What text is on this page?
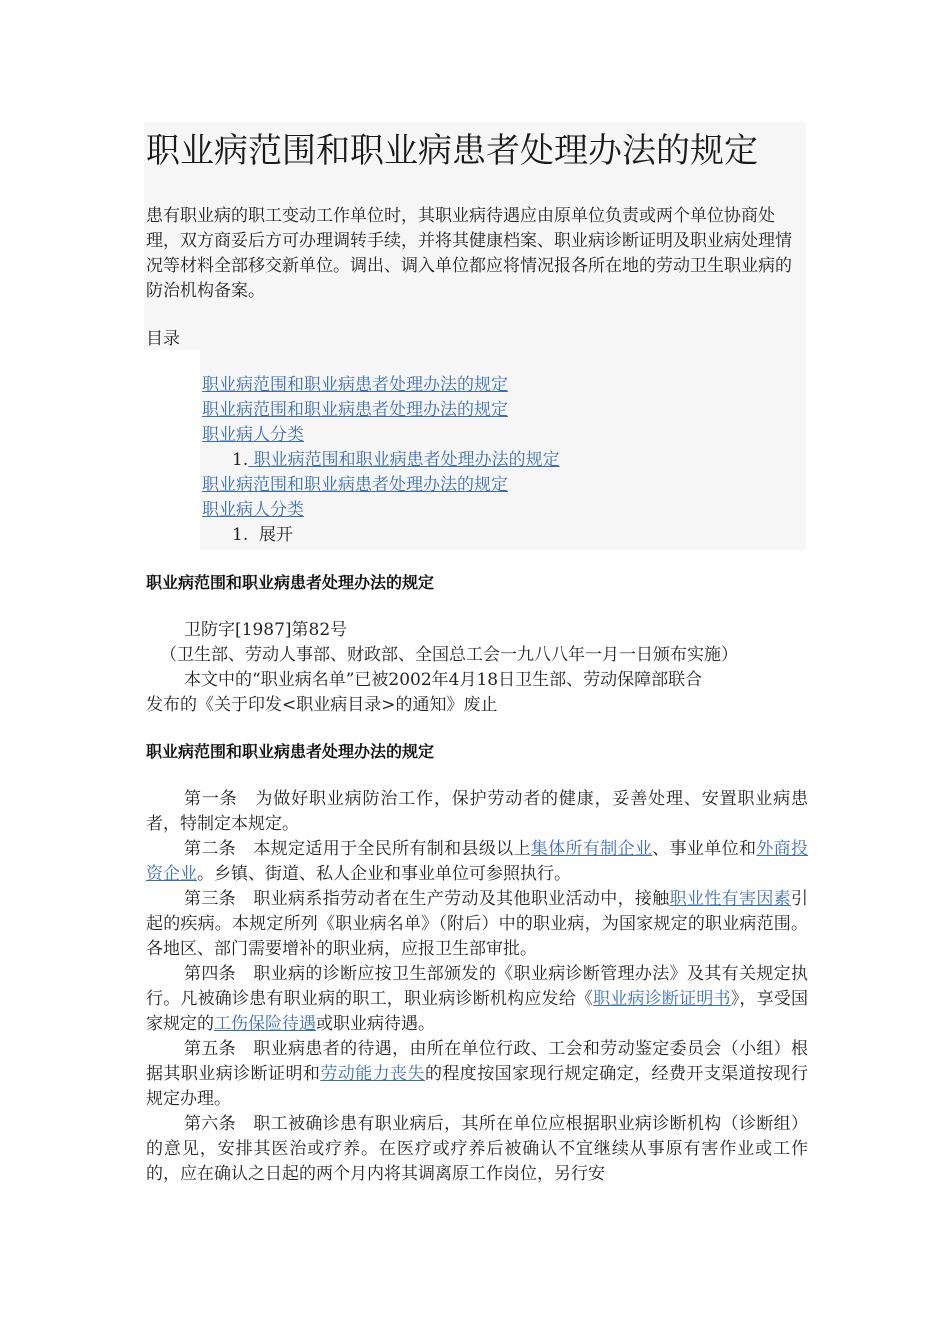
职业病范围和职业病患者处理办法的规定

患有职业病的职工变动工作单位时，其职业病待遇应由原单位负责或两个单位协商处理，双方商妥后方可办理调转手续，并将其健康档案、职业病诊断证明及职业病处理情况等材料全部移交新单位。调出、调入单位都应将情况报各所在地的劳动卫生职业病的防治机构备案。

目录
职业病范围和职业病患者处理办法的规定
职业病范围和职业病患者处理办法的规定
职业病人分类
1. 职业病范围和职业病患者处理办法的规定
职业病范围和职业病患者处理办法的规定
职业病人分类
1. 展开
职业病范围和职业病患者处理办法的规定
卫防字[1987]第82号
（卫生部、劳动人事部、财政部、全国总工会一九八八年一月一日颁布实施）
本文中的“职业病名单”已被2002年4月18日卫生部、劳动保障部联合
发布的《关于印发<职业病目录>的通知》废止
职业病范围和职业病患者处理办法的规定

第一条　为做好职业病防治工作，保护劳动者的健康，妥善处理、安置职业病患者，特制定本规定。

第二条　本规定适用于全民所有制和县级以上集体所有制企业、事业单位和外商投资企业。乡镇、街道、私人企业和事业单位可参照执行。

第三条　职业病系指劳动者在生产劳动及其他职业活动中，接触职业性有害因素引起的疾病。本规定所列《职业病名单》（附后）中的职业病，为国家规定的职业病范围。各地区、部门需要增补的职业病，应报卫生部审批。

第四条　职业病的诊断应按卫生部颁发的《职业病诊断管理办法》及其有关规定执行。凡被确诊患有职业病的职工，职业病诊断机构应发给《职业病诊断证明书》，享受国家规定的工伤保险待遇或职业病待遇。

第五条　职业病患者的待遇，由所在单位行政、工会和劳动鉴定委员会（小组）根据其职业病诊断证明和劳动能力丧失的程度按国家现行规定确定，经费开支渠道按现行规定办理。

第六条　职工被确诊患有职业病后，其所在单位应根据职业病诊断机构（诊断组）的意见，安排其医治或疗养。在医疗或疗养后被确认不宜继续从事原有害作业或工作的，应在确认之日起的两个月内将其调离原工作岗位，另行安
